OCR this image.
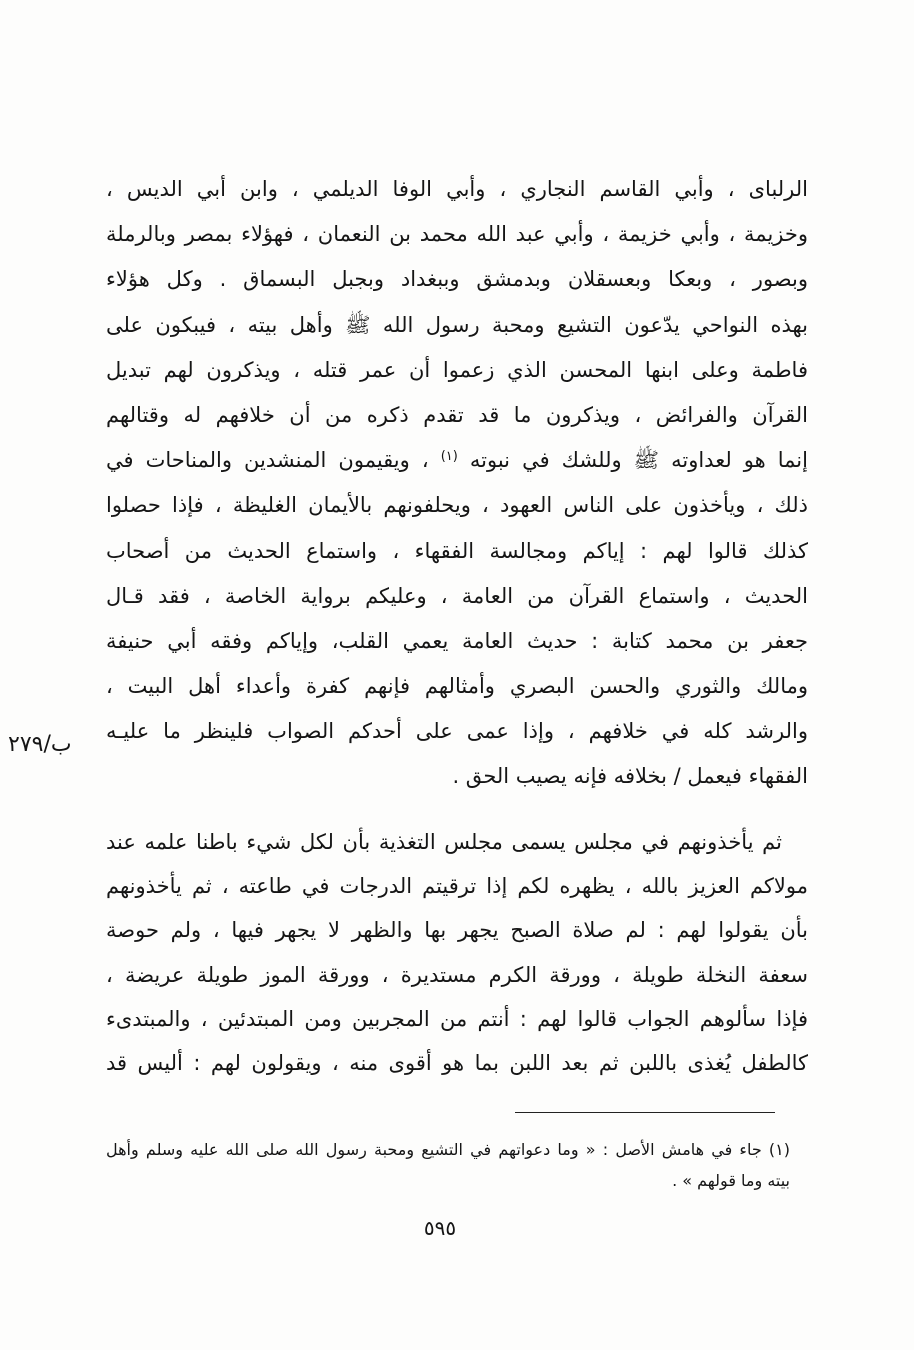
٢٧٩/ب
الرلباى ، وأبي القاسم النجاري ، وأبي الوفا الديلمي ، وابن أبي الديس ،
وخزيمة ، وأبي خزيمة ، وأبي عبد الله محمد بن النعمان ، فهؤلاء بمصر وبالرملة
وبصور ، وبعكا وبعسقلان وبدمشق وببغداد وبجبل البسماق . وكل هؤلاء
بهذه النواحي يدّعون التشيع ومحبة رسول الله ﷺ وأهل بيته ، فيبكون على
فاطمة وعلى ابنها المحسن الذي زعموا أن عمر قتله ، ويذكرون لهم تبديل
القرآن والفرائض ، ويذكرون ما قد تقدم ذكره من أن خلافهم له وقتالهم
إنما هو لعداوته ﷺ وللشك في نبوته $^{(١)}$ ، ويقيمون المنشدين والمناحات في
ذلك ، ويأخذون على الناس العهود ، ويحلفونهم بالأيمان الغليظة ، فإذا حصلوا
كذلك قالوا لهم : إياكم ومجالسة الفقهاء ، واستماع الحديث من أصحاب
الحديث ، واستماع القرآن من العامة ، وعليكم برواية الخاصة ، فقد قـال
جعفر بن محمد كتابة : حديث العامة يعمي القلب، وإياكم وفقه أبي حنيفة
ومالك والثوري والحسن البصري وأمثالهم فإنهم كفرة وأعداء أهل البيت ،
والرشد كله في خلافهم ، وإذا عمى على أحدكم الصواب فلينظر ما عليـه
الفقهاء فيعمل / بخلافه فإنه يصيب الحق .
ثم يأخذونهم في مجلس يسمى مجلس التغذية بأن لكل شيء باطنا علمه عند
مولاكم العزيز بالله ، يظهره لكم إذا ترقيتم الدرجات في طاعته ، ثم يأخذونهم
بأن يقولوا لهم : لم صلاة الصبح يجهر بها والظهر لا يجهر فيها ، ولم حوصة
سعفة النخلة طويلة ، وورقة الكرم مستديرة ، وورقة الموز طويلة عريضة ،
فإذا سألوهم الجواب قالوا لهم : أنتم من المجربين ومن المبتدئين ، والمبتدىء
كالطفل يُغذى باللبن ثم بعد اللبن بما هو أقوى منه ، ويقولون لهم : أليس قد
(١) جاء في هامش الأصل : « وما دعواتهم في التشيع ومحبة رسول الله صلى الله عليه وسلم وأهل
بيته وما قولهم » .
٥٩٥
